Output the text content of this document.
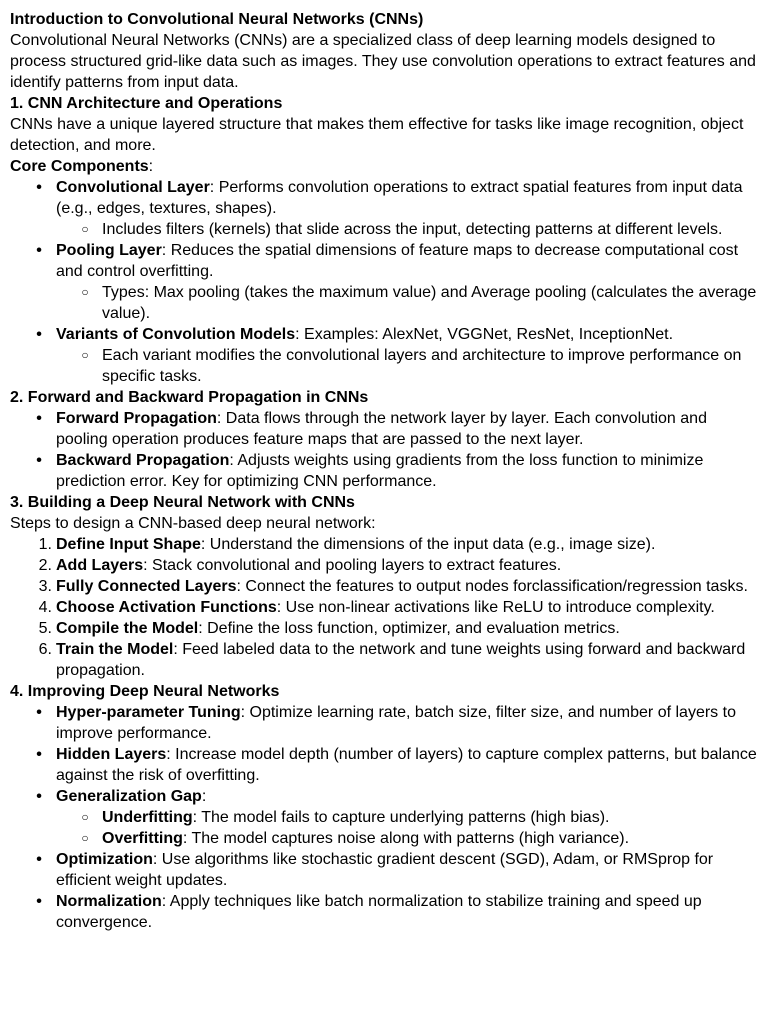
Introduction to Convolutional Neural Networks (CNNs)

Convolutional Neural Networks (CNNs) are a specialized class of deep learning models designed to process structured grid-like data such as images. They use convolution operations to extract features and identify patterns from input data.

1. CNN Architecture and Operations

CNNs have a unique layered structure that makes them effective for tasks like image recognition, object detection, and more.

Core Components:

• Convolutional Layer: Performs convolution operations to extract spatial features from input data (e.g., edges, textures, shapes).
○ Includes filters (kernels) that slide across the input, detecting patterns at different levels.
• Pooling Layer: Reduces the spatial dimensions of feature maps to decrease computational cost and control overfitting.
○ Types: Max pooling (takes the maximum value) and Average pooling (calculates the average value).
• Variants of Convolution Models: Examples: AlexNet, VGGNet, ResNet, InceptionNet.
○ Each variant modifies the convolutional layers and architecture to improve performance on specific tasks.
2. Forward and Backward Propagation in CNNs
• Forward Propagation: Data flows through the network layer by layer. Each convolution and pooling operation produces feature maps that are passed to the next layer.
• Backward Propagation: Adjusts weights using gradients from the loss function to minimize prediction error. Key for optimizing CNN performance.
3. Building a Deep Neural Network with CNNs

Steps to design a CNN-based deep neural network:

1. Define Input Shape: Understand the dimensions of the input data (e.g., image size).
2. Add Layers: Stack convolutional and pooling layers to extract features.
3. Fully Connected Layers: Connect the features to output nodes forclassification/regression tasks.
4. Choose Activation Functions: Use non-linear activations like ReLU to introduce complexity.
5. Compile the Model: Define the loss function, optimizer, and evaluation metrics.
6. Train the Model: Feed labeled data to the network and tune weights using forward and backward propagation.
4. Improving Deep Neural Networks
• Hyper-parameter Tuning: Optimize learning rate, batch size, filter size, and number of layers to improve performance.
• Hidden Layers: Increase model depth (number of layers) to capture complex patterns, but balance against the risk of overfitting.
• Generalization Gap:
○ Underfitting: The model fails to capture underlying patterns (high bias).
○ Overfitting: The model captures noise along with patterns (high variance).
• Optimization: Use algorithms like stochastic gradient descent (SGD), Adam, or RMSprop for efficient weight updates.
• Normalization: Apply techniques like batch normalization to stabilize training and speed up convergence.
